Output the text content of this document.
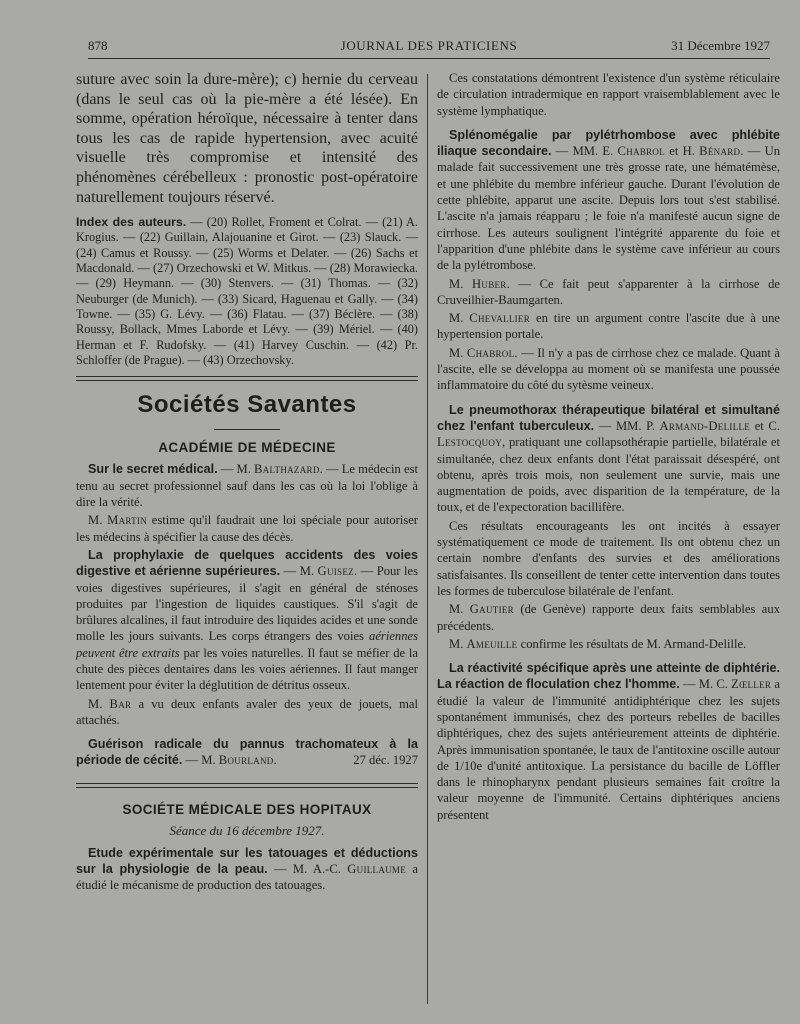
878	JOURNAL DES PRATICIENS	31 Décembre 1927

suture avec soin la dure-mère); c) hernie du cerveau (dans le seul cas où la pie-mère a été lésée). En somme, opération héroïque, nécessaire à tenter dans tous les cas de rapide hypertension, avec acuité visuelle très compromise et intensité des phénomènes cérébelleux : pronostic post-opératoire naturellement toujours réservé.

Index des auteurs. — (20) Rollet, Froment et Colrat. — (21) A. Krogius. — (22) Guillain, Alajouanine et Girot. — (23) Slauck. — (24) Camus et Roussy. — (25) Worms et Delater. — (26) Sachs et Macdonald. — (27) Orzechowski et W. Mitkus. — (28) Morawiecka. — (29) Heymann. — (30) Stenvers. — (31) Thomas. — (32) Neuburger (de Munich). — (33) Sicard, Haguenau et Gally. — (34) Towne. — (35) G. Lévy. — (36) Flatau. — (37) Béclère. — (38) Roussy, Bollack, Mmes Laborde et Lévy. — (39) Mériel. — (40) Herman et F. Rudofsky. — (41) Harvey Cuschin. — (42) Pr. Schloffer (de Prague). — (43) Orzechovsky.

Sociétés Savantes
ACADÉMIE DE MÉDECINE

Sur le secret médical. — M. Balthazard. — Le médecin est tenu au secret professionnel sauf dans les cas où la loi l'oblige à dire la vérité.

M. Martin estime qu'il faudrait une loi spéciale pour autoriser les médecins à spécifier la cause des décès.

La prophylaxie de quelques accidents des voies digestive et aérienne supérieures. — M. Guisez. — Pour les voies digestives supérieures, il s'agit en général de sténoses produites par l'ingestion de liquides caustiques. S'il s'agit de brûlures alcalines, il faut introduire des liquides acides et une sonde molle les jours suivants. Les corps étrangers des voies aériennes peuvent être extraits par les voies naturelles. Il faut se méfier de la chute des pièces dentaires dans les voies aériennes. Il faut manger lentement pour éviter la déglutition de détritus osseux.

M. Bar a vu deux enfants avaler des yeux de jouets, mal attachés.

Guérison radicale du pannus trachomateux à la période de cécité. — M. Bourland.	27 déc. 1927

SOCIÉTE MÉDICALE DES HOPITAUX
Séance du 16 décembre 1927.

Etude expérimentale sur les tatouages et déductions sur la physiologie de la peau. — M. A.-C. Guillaume a étudié le mécanisme de production des tatouages.

Ces constatations démontrent l'existence d'un système réticulaire de circulation intradermique en rapport vraisemblablement avec le système lymphatique.

Splénomégalie par pylétrhombose avec phlébite iliaque secondaire. — MM. E. Chabrol et H. Bénard. — Un malade fait successivement une très grosse rate, une hématémèse, et une phlébite du membre inférieur gauche. Durant l'évolution de cette phlébite, apparut une ascite. Depuis lors tout s'est stabilisé. L'ascite n'a jamais réapparu ; le foie n'a manifesté aucun signe de cirrhose. Les auteurs soulignent l'intégrité apparente du foie et l'apparition d'une phlébite dans le système cave inférieur au cours de la pylétrombose.

M. Huber. — Ce fait peut s'apparenter à la cirrhose de Cruveilhier-Baumgarten.

M. Chevallier en tire un argument contre l'ascite due à une hypertension portale.

M. Chabrol. — Il n'y a pas de cirrhose chez ce malade. Quant à l'ascite, elle se développa au moment où se manifesta une poussée inflammatoire du côté du sytèsme veineux.

Le pneumothorax thérapeutique bilatéral et simultané chez l'enfant tuberculeux. — MM. P. Armand-Delille et C. Lestocquoy, pratiquant une collapsothérapie partielle, bilatérale et simultanée, chez deux enfants dont l'état paraissait désespéré, ont obtenu, après trois mois, non seulement une survie, mais une augmentation de poids, avec disparition de la température, de la toux, et de l'expectoration bacillifère.

Ces résultats encourageants les ont incités à essayer systématiquement ce mode de traitement. Ils ont obtenu chez un certain nombre d'enfants des survies et des améliorations satisfaisantes. Ils conseillent de tenter cette intervention dans toutes les formes de tuberculose bilatérale de l'enfant.

M. Gautier (de Genève) rapporte deux faits semblables aux précédents.

M. Ameuille confirme les résultats de M. Armand-Delille.

La réactivité spécifique après une atteinte de diphtérie. La réaction de floculation chez l'homme. — M. C. Zœller a étudié la valeur de l'immunité antidiphtérique chez les sujets spontanément immunisés, chez des porteurs rebelles de bacilles diphtériques, chez des sujets antérieurement atteints de diphtérie. Après immunisation spontanée, le taux de l'antitoxine oscille autour de 1/10e d'unité antitoxique. La persistance du bacille de Löffler dans le rhinopharynx pendant plusieurs semaines fait croître la valeur moyenne de l'immunité. Certains diphtériques anciens présentent
